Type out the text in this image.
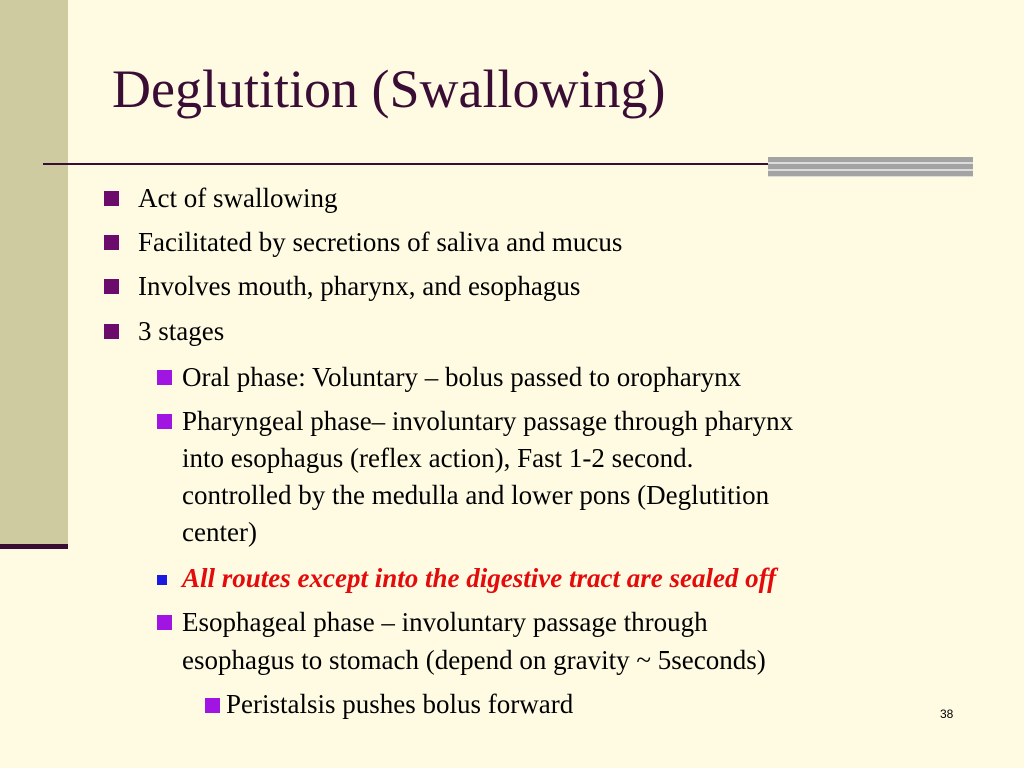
Deglutition (Swallowing)
Act of swallowing
Facilitated by secretions of saliva and mucus
Involves mouth, pharynx, and esophagus
3 stages
Oral phase: Voluntary – bolus passed to oropharynx
Pharyngeal phase– involuntary passage through pharynx
into esophagus (reflex action), Fast 1-2 second.
controlled by the medulla and lower pons (Deglutition
center)
All routes except into the digestive tract are sealed off
Esophageal phase – involuntary passage through
esophagus to stomach (depend on gravity ~ 5seconds)
Peristalsis pushes bolus forward	38
